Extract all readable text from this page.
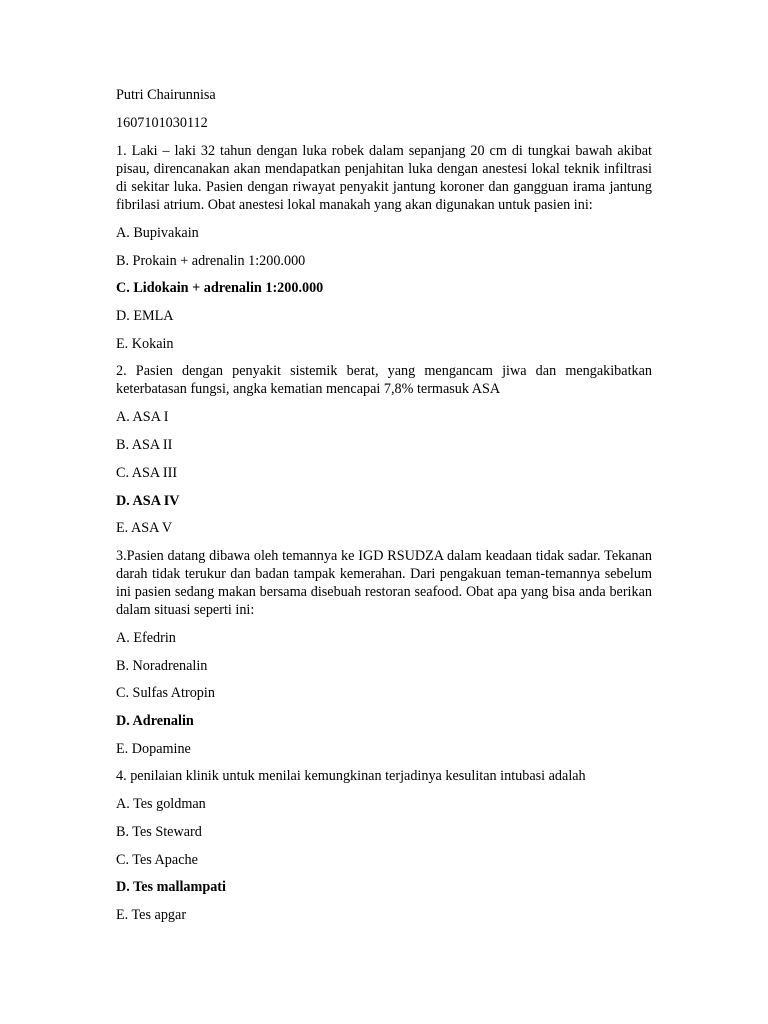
Putri Chairunnisa

1607101030112

1. Laki – laki 32 tahun dengan luka robek dalam sepanjang 20 cm di tungkai bawah akibat pisau, direncanakan akan mendapatkan penjahitan luka dengan anestesi lokal teknik infiltrasi di sekitar luka. Pasien dengan riwayat penyakit jantung koroner dan gangguan irama jantung fibrilasi atrium. Obat anestesi lokal manakah yang akan digunakan untuk pasien ini:

A. Bupivakain

B. Prokain + adrenalin 1:200.000

C. Lidokain + adrenalin 1:200.000

D. EMLA

E. Kokain

2. Pasien dengan penyakit sistemik berat, yang mengancam jiwa dan mengakibatkan keterbatasan fungsi, angka kematian mencapai 7,8% termasuk ASA

A. ASA I

B. ASA II

C. ASA III

D. ASA IV

E. ASA V

3.Pasien datang dibawa oleh temannya ke IGD RSUDZA dalam keadaan tidak sadar. Tekanan darah tidak terukur dan badan tampak kemerahan. Dari pengakuan teman-temannya sebelum ini pasien sedang makan bersama disebuah restoran seafood. Obat apa yang bisa anda berikan dalam situasi seperti ini:

A. Efedrin

B. Noradrenalin

C. Sulfas Atropin

D. Adrenalin

E. Dopamine

4. penilaian klinik untuk menilai kemungkinan terjadinya kesulitan intubasi adalah

A. Tes goldman

B. Tes Steward

C. Tes Apache

D. Tes mallampati

E. Tes apgar
